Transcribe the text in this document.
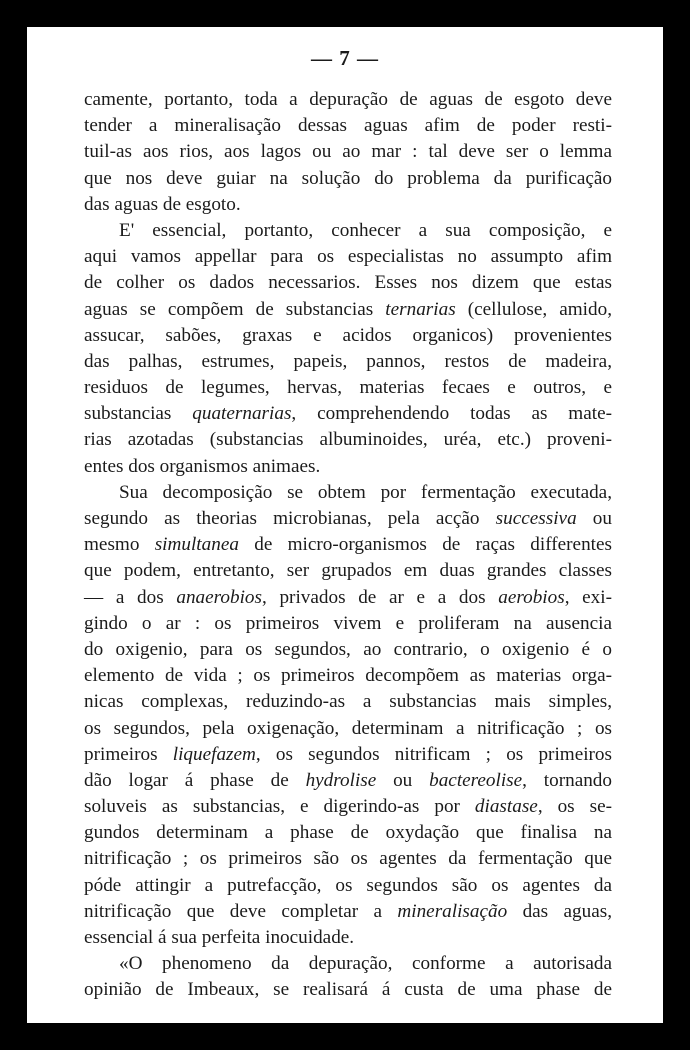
— 7 —
camente, portanto, toda a depuração de aguas de esgoto deve
tender a mineralisação dessas aguas afim de poder resti-
tuil-as aos rios, aos lagos ou ao mar : tal deve ser o lemma
que nos deve guiar na solução do problema da purificação
das aguas de esgoto.
E' essencial, portanto, conhecer a sua composição, e
aqui vamos appellar para os especialistas no assumpto afim
de colher os dados necessarios. Esses nos dizem que estas
aguas se compõem de substancias ternarias (cellulose, amido,
assucar, sabões, graxas e acidos organicos) provenientes
das palhas, estrumes, papeis, pannos, restos de madeira,
residuos de legumes, hervas, materias fecaes e outros, e
substancias quaternarias, comprehendendo todas as mate-
rias azotadas (substancias albuminoides, uréa, etc.) proveni-
entes dos organismos animaes.
Sua decomposição se obtem por fermentação executada,
segundo as theorias microbianas, pela acção successiva ou
mesmo simultanea de micro-organismos de raças differentes
que podem, entretanto, ser grupados em duas grandes classes
— a dos anaerobios, privados de ar e a dos aerobios, exi-
gindo o ar : os primeiros vivem e proliferam na ausencia
do oxigenio, para os segundos, ao contrario, o oxigenio é o
elemento de vida ; os primeiros decompõem as materias orga-
nicas complexas, reduzindo-as a substancias mais simples,
os segundos, pela oxigenação, determinam a nitrificação ; os
primeiros liquefazem, os segundos nitrificam ; os primeiros
dão logar á phase de hydrolise ou bactereolise, tornando
soluveis as substancias, e digerindo-as por diastase, os se-
gundos determinam a phase de oxydação que finalisa na
nitrificação ; os primeiros são os agentes da fermentação que
póde attingir a putrefacção, os segundos são os agentes da
nitrificação que deve completar a mineralisação das aguas,
essencial á sua perfeita inocuidade.
«O phenomeno da depuração, conforme a autorisada
opinião de Imbeaux, se realisará á custa de uma phase de
